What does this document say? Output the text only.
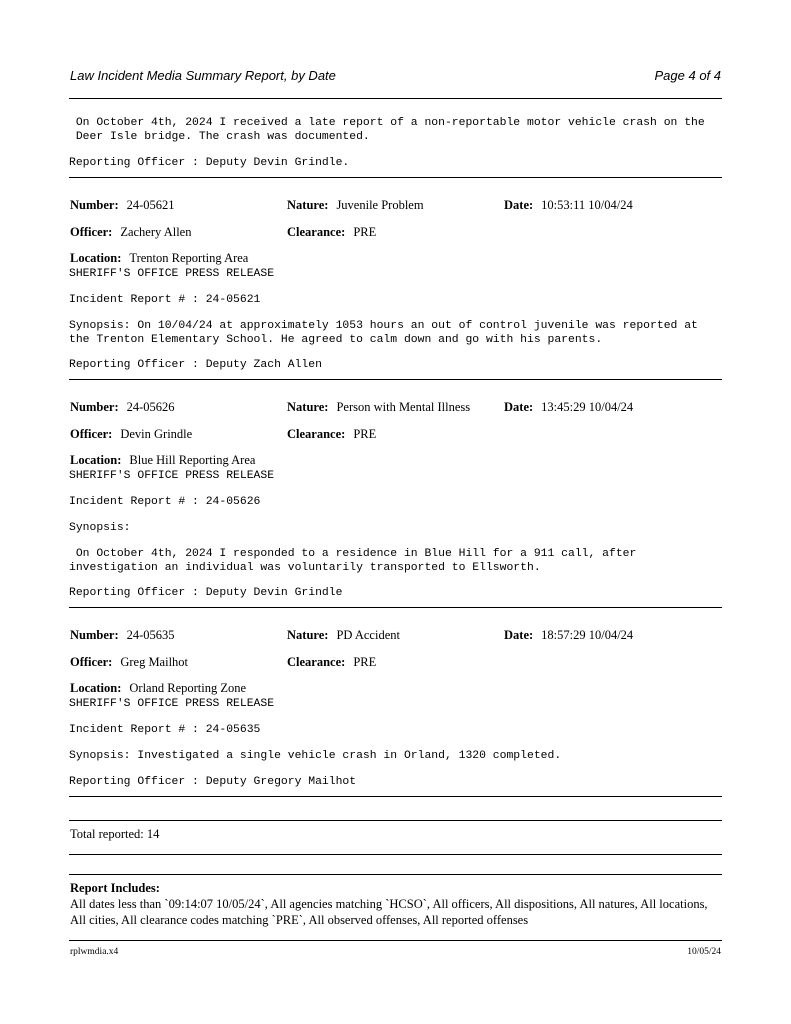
Law Incident Media Summary Report, by Date	Page 4 of 4
On October 4th, 2024 I received a late report of a non-reportable motor vehicle crash on the
Deer Isle bridge. The crash was documented.
Reporting Officer : Deputy Devin Grindle.
Number: 24-05621	Nature: Juvenile Problem	Date: 10:53:11 10/04/24
Officer: Zachery Allen	Clearance: PRE
Location: Trenton Reporting Area
SHERIFF'S OFFICE PRESS RELEASE
Incident Report # : 24-05621
Synopsis: On 10/04/24 at approximately 1053 hours an out of control juvenile was reported at
the Trenton Elementary School. He agreed to calm down and go with his parents.
Reporting Officer : Deputy Zach Allen
Number: 24-05626	Nature: Person with Mental Illness	Date: 13:45:29 10/04/24
Officer: Devin Grindle	Clearance: PRE
Location: Blue Hill Reporting Area
SHERIFF'S OFFICE PRESS RELEASE
Incident Report # : 24-05626
Synopsis:
On October 4th, 2024 I responded to a residence in Blue Hill for a 911 call, after
investigation an individual was voluntarily transported to Ellsworth.
Reporting Officer : Deputy Devin Grindle
Number: 24-05635	Nature: PD Accident	Date: 18:57:29 10/04/24
Officer: Greg Mailhot	Clearance: PRE
Location: Orland Reporting Zone
SHERIFF'S OFFICE PRESS RELEASE
Incident Report # : 24-05635
Synopsis: Investigated a single vehicle crash in Orland, 1320 completed.
Reporting Officer : Deputy Gregory Mailhot
Total reported: 14
Report Includes:
All dates less than `09:14:07 10/05/24`, All agencies matching `HCSO`, All officers, All dispositions, All natures, All locations, All cities, All clearance codes matching `PRE`, All observed offenses, All reported offenses
rplwmdia.x4	10/05/24
